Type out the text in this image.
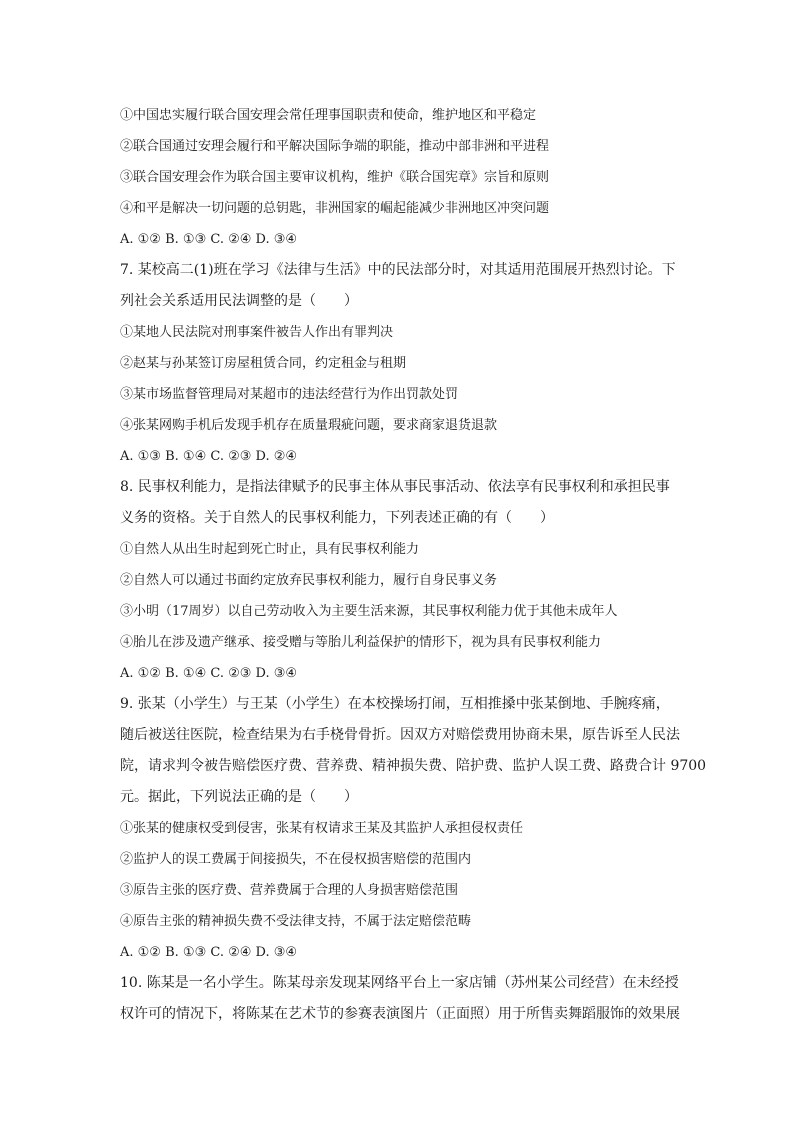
①中国忠实履行联合国安理会常任理事国职责和使命，维护地区和平稳定
②联合国通过安理会履行和平解决国际争端的职能，推动中部非洲和平进程
③联合国安理会作为联合国主要审议机构，维护《联合国宪章》宗旨和原则
④和平是解决一切问题的总钥匙，非洲国家的崛起能减少非洲地区冲突问题
A. ①② B. ①③ C. ②④ D. ③④
7. 某校高二(1)班在学习《法律与生活》中的民法部分时，对其适用范围展开热烈讨论。下
列社会关系适用民法调整的是（　　）
①某地人民法院对刑事案件被告人作出有罪判决
②赵某与孙某签订房屋租赁合同，约定租金与租期
③某市场监督管理局对某超市的违法经营行为作出罚款处罚
④张某网购手机后发现手机存在质量瑕疵问题，要求商家退货退款
A. ①③ B. ①④ C. ②③ D. ②④
8. 民事权利能力，是指法律赋予的民事主体从事民事活动、依法享有民事权利和承担民事
义务的资格。关于自然人的民事权利能力，下列表述正确的有（　　）
①自然人从出生时起到死亡时止，具有民事权利能力
②自然人可以通过书面约定放弃民事权利能力，履行自身民事义务
③小明（17周岁）以自己劳动收入为主要生活来源，其民事权利能力优于其他未成年人
④胎儿在涉及遗产继承、接受赠与等胎儿利益保护的情形下，视为具有民事权利能力
A. ①② B. ①④ C. ②③ D. ③④
9. 张某（小学生）与王某（小学生）在本校操场打闹，互相推搡中张某倒地、手腕疼痛，
随后被送往医院，检查结果为右手桡骨骨折。因双方对赔偿费用协商未果，原告诉至人民法
院，请求判令被告赔偿医疗费、营养费、精神损失费、陪护费、监护人误工费、路费合计 9700
元。据此，下列说法正确的是（　　）
①张某的健康权受到侵害，张某有权请求王某及其监护人承担侵权责任
②监护人的误工费属于间接损失，不在侵权损害赔偿的范围内
③原告主张的医疗费、营养费属于合理的人身损害赔偿范围
④原告主张的精神损失费不受法律支持，不属于法定赔偿范畴
A. ①② B. ①③ C. ②④ D. ③④
10. 陈某是一名小学生。陈某母亲发现某网络平台上一家店铺（苏州某公司经营）在未经授
权许可的情况下，将陈某在艺术节的参赛表演图片（正面照）用于所售卖舞蹈服饰的效果展
